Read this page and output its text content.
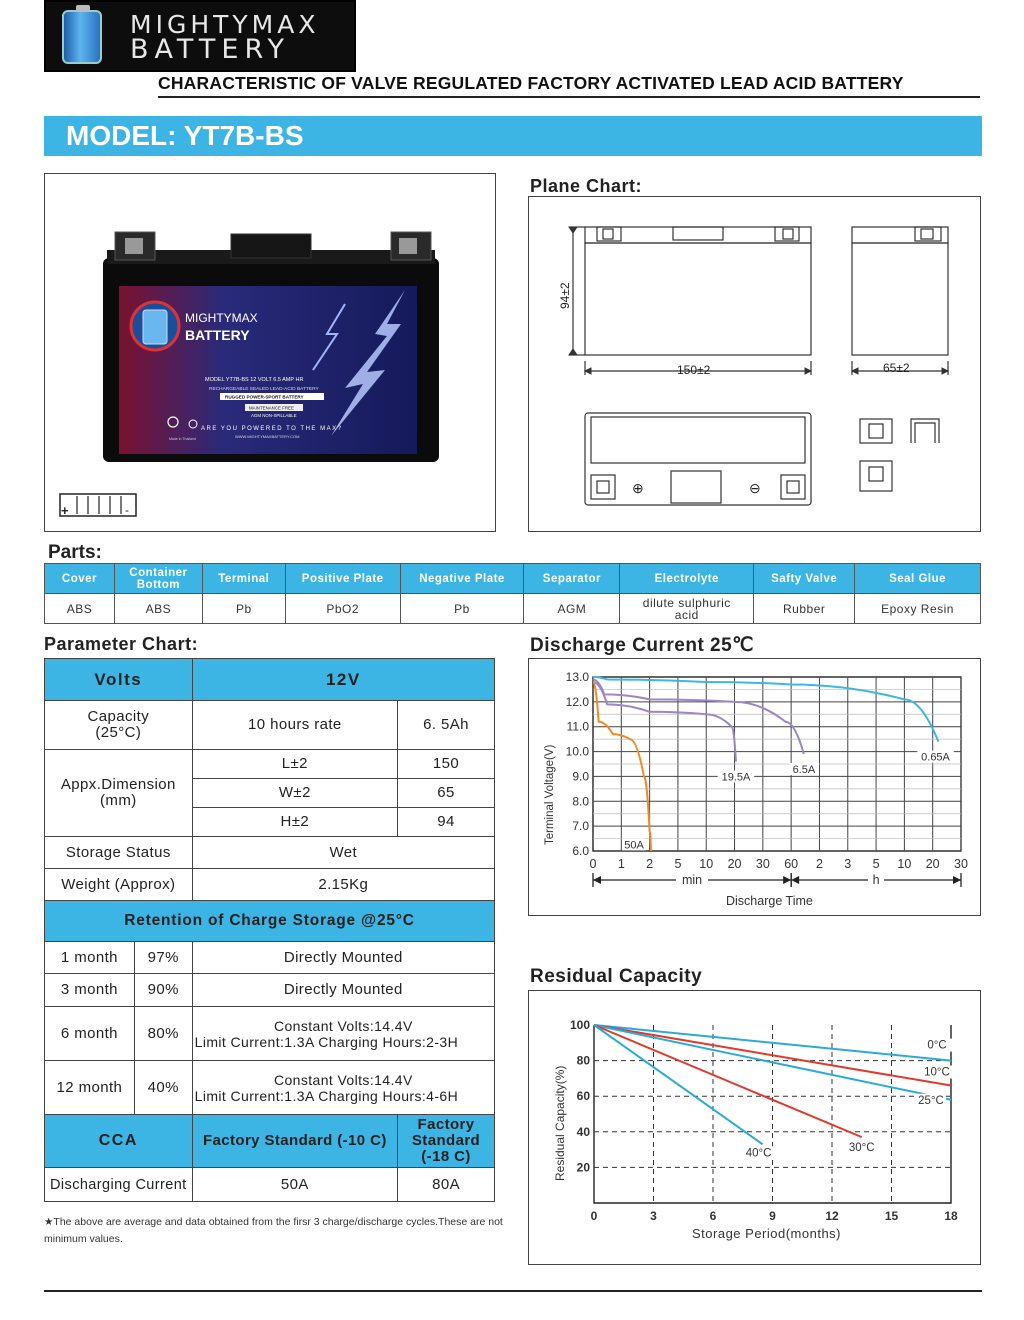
MIGHTYMAX
BATTERY
CHARACTERISTIC OF VALVE REGULATED FACTORY ACTIVATED LEAD ACID BATTERY
MODEL: YT7B-BS
MIGHTYMAX
BATTERY
MODEL YT7B-BS 12 VOLT 6.5 AMP HR
RECHARGEABLE SEALED LEAD-ACID BATTERY
RUGGED POWER-SPORT BATTERY
MAINTENANCE FREE
AGM NON-SPILLABLE
ARE YOU POWERED TO THE MAX?
WWW.MIGHTYMAXBATTERY.COM
Made in Thailand
+	-
Plane Chart:
94±2
150±2	65±2
⊕	⊖
Parts:
Cover	Container Bottom	Terminal	Positive Plate	Negative Plate	Separator	Electrolyte	Safty Valve	Seal Glue
ABS	ABS	Pb	PbO2	Pb	AGM	dilute sulphuric acid	Rubber	Epoxy Resin
Parameter Chart:
Volts		12V	
Capacity (25°C)		10 hours rate	6. 5Ah
Appx.Dimension (mm)		L±2	150
		W±2	65
		H±2	94
Storage Status		Wet	
Weight (Approx)		2.15Kg	
Retention of Charge Storage @25°C			
1 month	97%	Directly Mounted	
3 month	90%	Directly Mounted	
6 month	80%	Constant Volts:14.4V
Limit Current:1.3A Charging Hours:2-3H	

12 month	40%	Constant Volts:14.4V
Limit Current:1.3A Charging Hours:4-6H	

CCA		Factory Standard (-10 C)	Factory Standard (-18 C)
Discharging Current		50A	80A
★The above are average and data obtained from the firsr 3 charge/discharge cycles.These are not minimum values.
Discharge Current 25℃
13.0
12.0
11.0
10.0
9.0
8.0
7.0
6.0
0 1 2 5 10 20 30 60 2 3 5 10 20 30
min	h
0.65A
6.5A
19.5A
50A
Terminal Voltage(V)
Discharge Time
Residual Capacity
0	3	6	9	12	15	18
100
80
60
40
20
0°C
10°C
25°C
30°C
40°C
Residual Capacity(%)
Storage Period(months)
